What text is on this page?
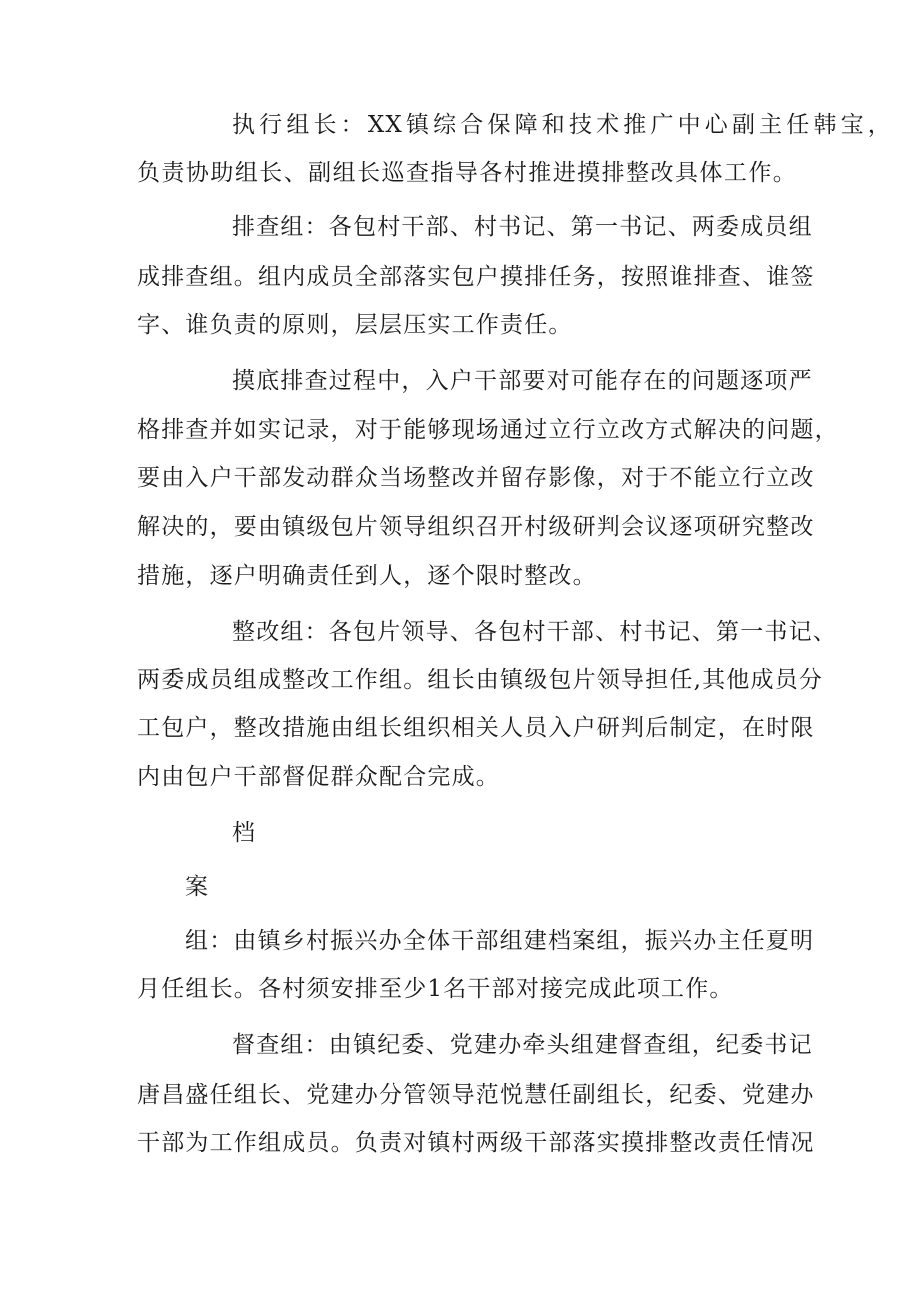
执行组长：XX镇综合保障和技术推广中心副主任韩宝，
负责协助组长、副组长巡查指导各村推进摸排整改具体工作。
排查组：各包村干部、村书记、第一书记、两委成员组
成排查组。组内成员全部落实包户摸排任务，按照谁排查、谁签
字、谁负责的原则，层层压实工作责任。
摸底排查过程中，入户干部要对可能存在的问题逐项严
格排查并如实记录，对于能够现场通过立行立改方式解决的问题，
要由入户干部发动群众当场整改并留存影像，对于不能立行立改
解决的，要由镇级包片领导组织召开村级研判会议逐项研究整改
措施，逐户明确责任到人，逐个限时整改。
整改组：各包片领导、各包村干部、村书记、第一书记、
两委成员组成整改工作组。组长由镇级包片领导担任,其他成员分
工包户，整改措施由组长组织相关人员入户研判后制定，在时限
内由包户干部督促群众配合完成。
档
案
组：由镇乡村振兴办全体干部组建档案组，振兴办主任夏明
月任组长。各村须安排至少1名干部对接完成此项工作。
督查组：由镇纪委、党建办牵头组建督查组，纪委书记
唐昌盛任组长、党建办分管领导范悦慧任副组长，纪委、党建办
干部为工作组成员。负责对镇村两级干部落实摸排整改责任情况
